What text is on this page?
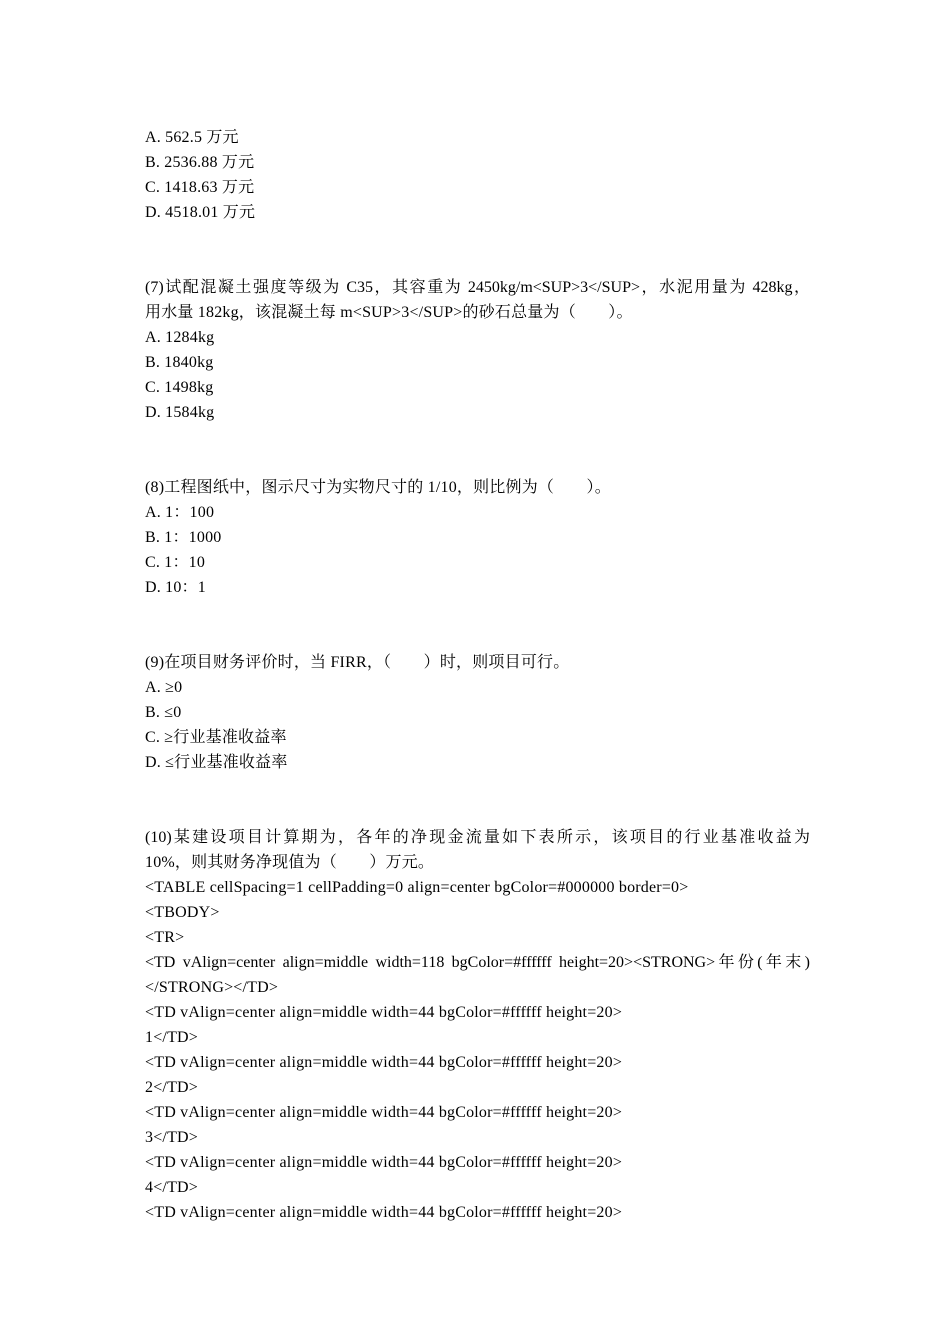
A. 562.5 万元
B. 2536.88 万元
C. 1418.63 万元
D. 4518.01 万元
(7)试配混凝土强度等级为 C35，其容重为 2450kg/m<SUP>3</SUP>，水泥用量为 428kg，
用水量 182kg，该混凝土每 m<SUP>3</SUP>的砂石总量为（　　）。
A. 1284kg
B. 1840kg
C. 1498kg
D. 1584kg
(8)工程图纸中，图示尺寸为实物尺寸的 1/10，则比例为（　　）。
A. 1：100
B. 1：1000
C. 1：10
D. 10：1
(9)在项目财务评价时，当 FIRR，（　　）时，则项目可行。
A. ≥0
B. ≤0
C. ≥行业基准收益率
D. ≤行业基准收益率
(10)某建设项目计算期为，各年的净现金流量如下表所示，该项目的行业基准收益为
10%，则其财务净现值为（　　）万元。
<TABLE cellSpacing=1 cellPadding=0 align=center bgColor=#000000 border=0>
<TBODY>
<TR>
<TD vAlign=center align=middle width=118 bgColor=#ffffff height=20><STRONG>年份(年末)
</STRONG></TD>
<TD vAlign=center align=middle width=44 bgColor=#ffffff height=20>
1</TD>
<TD vAlign=center align=middle width=44 bgColor=#ffffff height=20>
2</TD>
<TD vAlign=center align=middle width=44 bgColor=#ffffff height=20>
3</TD>
<TD vAlign=center align=middle width=44 bgColor=#ffffff height=20>
4</TD>
<TD vAlign=center align=middle width=44 bgColor=#ffffff height=20>
